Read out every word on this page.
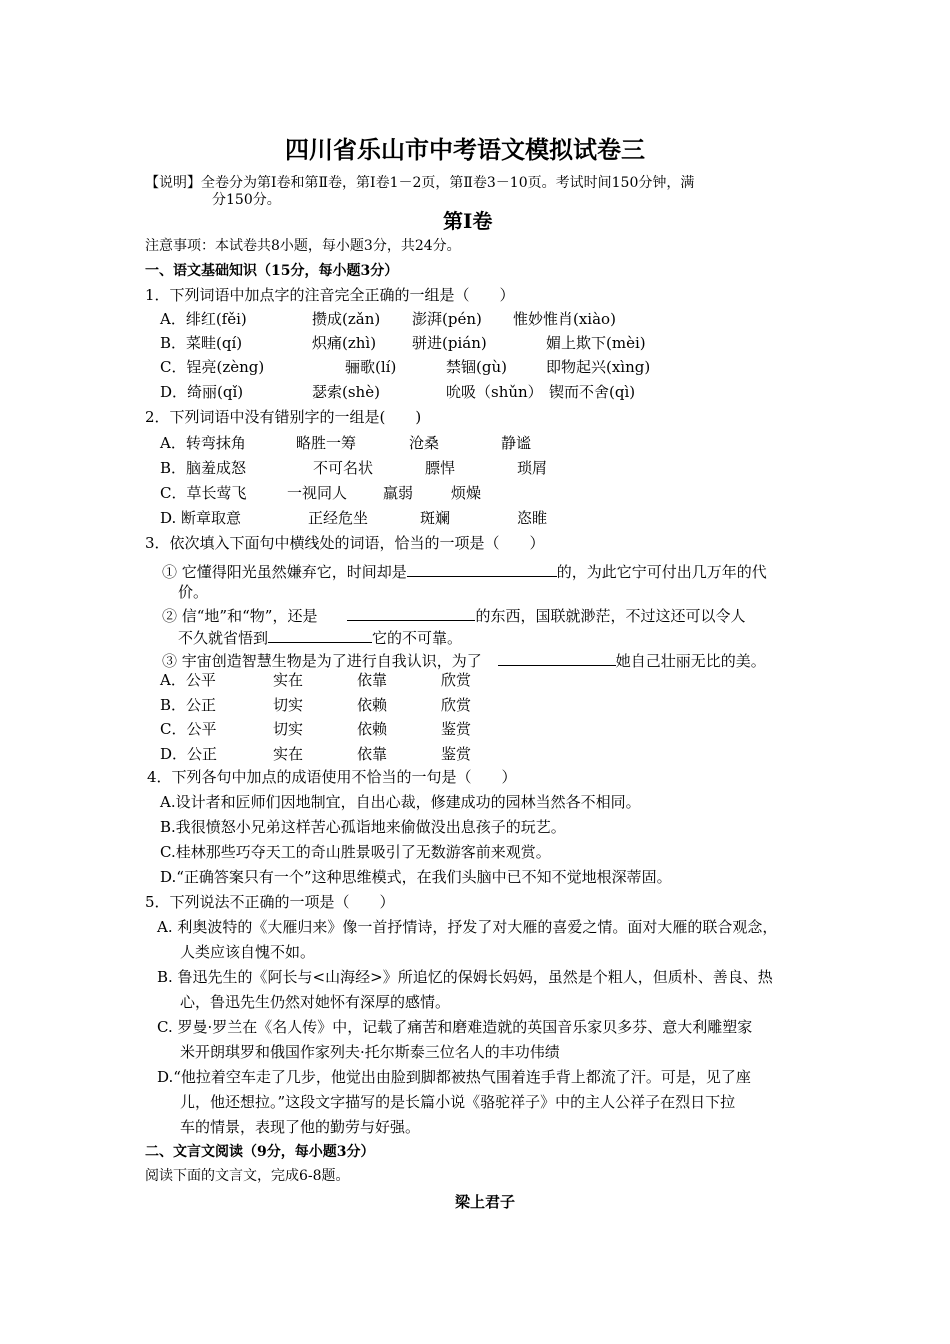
四川省乐山市中考语文模拟试卷三
【说明】全卷分为第Ⅰ卷和第Ⅱ卷，第Ⅰ卷1－2页，第Ⅱ卷3－10页。考试时间150分钟，满
分150分。
第Ⅰ卷
注意事项：本试卷共8小题，每小题3分，共24分。
一、语文基础知识（15分，每小题3分）
1．下列词语中加点字的注音完全正确的一组是（　　）
A．绯红(fěi)	攒成(zǎn) 澎湃(pén) 惟妙惟肖(xiào)
B．菜畦(qí)	炽痛(zhì) 骈进(pián)	媚上欺下(mèi)
C．锃亮(zèng)	骊歌(lí)	禁锢(gù)	即物起兴(xìng)
D．绮丽(qǐ)	瑟索(shè)	吮吸（shǔn） 锲而不舍(qì)
2．下列词语中没有错别字的一组是(　　)
A．转弯抹角	略胜一筹	沧桑	静谧
B．脑羞成怒	不可名状	膘悍	琐屑
C．草长莺飞	一视同人 羸弱	烦燥
D. 断章取意	正经危坐	斑斓	恣睢
3．依次填入下面句中横线处的词语，恰当的一项是（　　）
① 它懂得阳光虽然嫌弃它，时间却是	的，为此它宁可付出几万年的代
价。
② 信“地”和“物”，还是	的东西，国联就渺茫，不过这还可以令人
不久就省悟到	它的不可靠。
③ 宇宙创造智慧生物是为了进行自我认识，为了	她自己壮丽无比的美。
A．公平	实在	依靠	欣赏
B．公正	切实	依赖	欣赏
C．公平	切实	依赖	鉴赏
D．公正	实在	依靠	鉴赏
4．下列各句中加点的成语使用不恰当的一句是（　　）
A.设计者和匠师们因地制宜，自出心裁，修建成功的园林当然各不相同。
B.我很愤怒小兄弟这样苦心孤诣地来偷做没出息孩子的玩艺。
C.桂林那些巧夺天工的奇山胜景吸引了无数游客前来观赏。
D.“正确答案只有一个”这种思维模式，在我们头脑中已不知不觉地根深蒂固。
5．下列说法不正确的一项是（　　）
A. 利奥波特的《大雁归来》像一首抒情诗，抒发了对大雁的喜爱之情。面对大雁的联合观念，
人类应该自愧不如。
B. 鲁迅先生的《阿长与<山海经>》所追忆的保姆长妈妈，虽然是个粗人，但质朴、善良、热
心，鲁迅先生仍然对她怀有深厚的感情。
C. 罗曼·罗兰在《名人传》中，记载了痛苦和磨难造就的英国音乐家贝多芬、意大利雕塑家
米开朗琪罗和俄国作家列夫·托尔斯泰三位名人的丰功伟绩
D.“他拉着空车走了几步，他觉出由脸到脚都被热气围着连手背上都流了汗。可是，见了座
儿，他还想拉。”这段文字描写的是长篇小说《骆驼祥子》中的主人公祥子在烈日下拉
车的情景，表现了他的勤劳与好强。
二、文言文阅读（9分，每小题3分）
阅读下面的文言文，完成6-8题。
梁上君子
